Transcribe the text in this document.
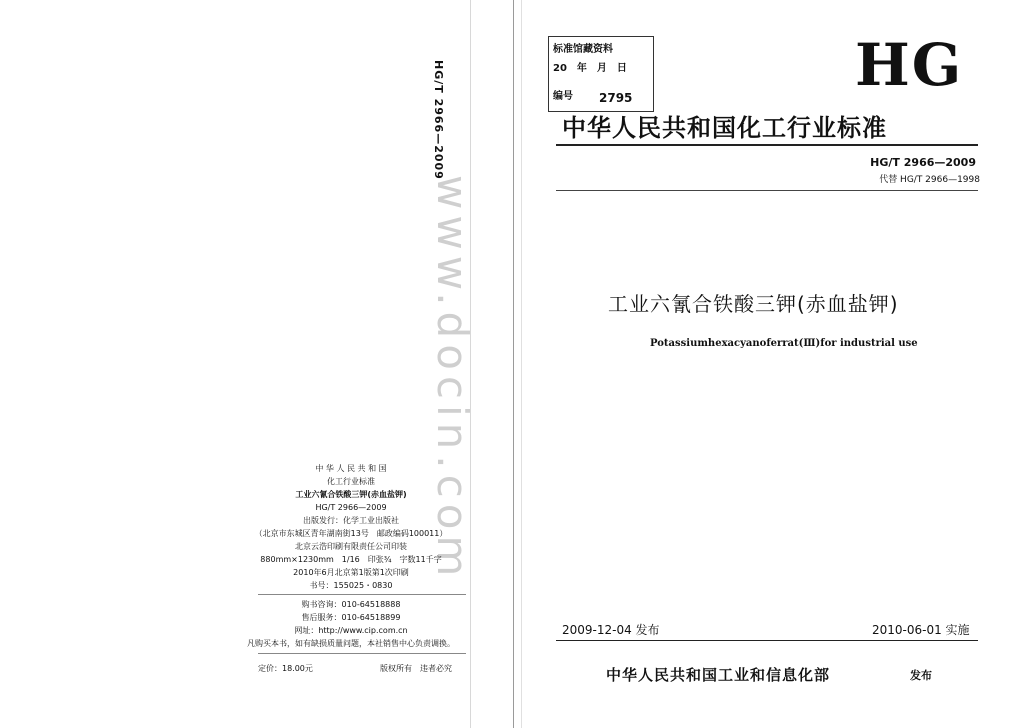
HG/T 2966—2009
www.docin.com
中 华 人 民 共 和 国
化工行业标准
工业六氰合铁酸三钾(赤血盐钾)
HG/T 2966—2009
出版发行：化学工业出版社
（北京市东城区青年湖南街13号　邮政编码100011）
北京云浩印刷有限责任公司印装
880mm×1230mm　1/16　印张¾　字数11千字
2010年6月北京第1版第1次印刷
书号：155025・0830
购书咨询：010-64518888
售后服务：010-64518899
网址：http://www.cip.com.cn
凡购买本书，如有缺损质量问题，本社销售中心负责调换。
定价：18.00元	版权所有　违者必究
标准馆藏资料
20　年　月　日
编号 2795	HG
中华人民共和国化工行业标准
HG/T 2966—2009
代替 HG/T 2966—1998
工业六氰合铁酸三钾(赤血盐钾)
Potassiumhexacyanoferrat(Ⅲ)for industrial use
2009-12-04 发布	2010-06-01 实施
中华人民共和国工业和信息化部	发布
